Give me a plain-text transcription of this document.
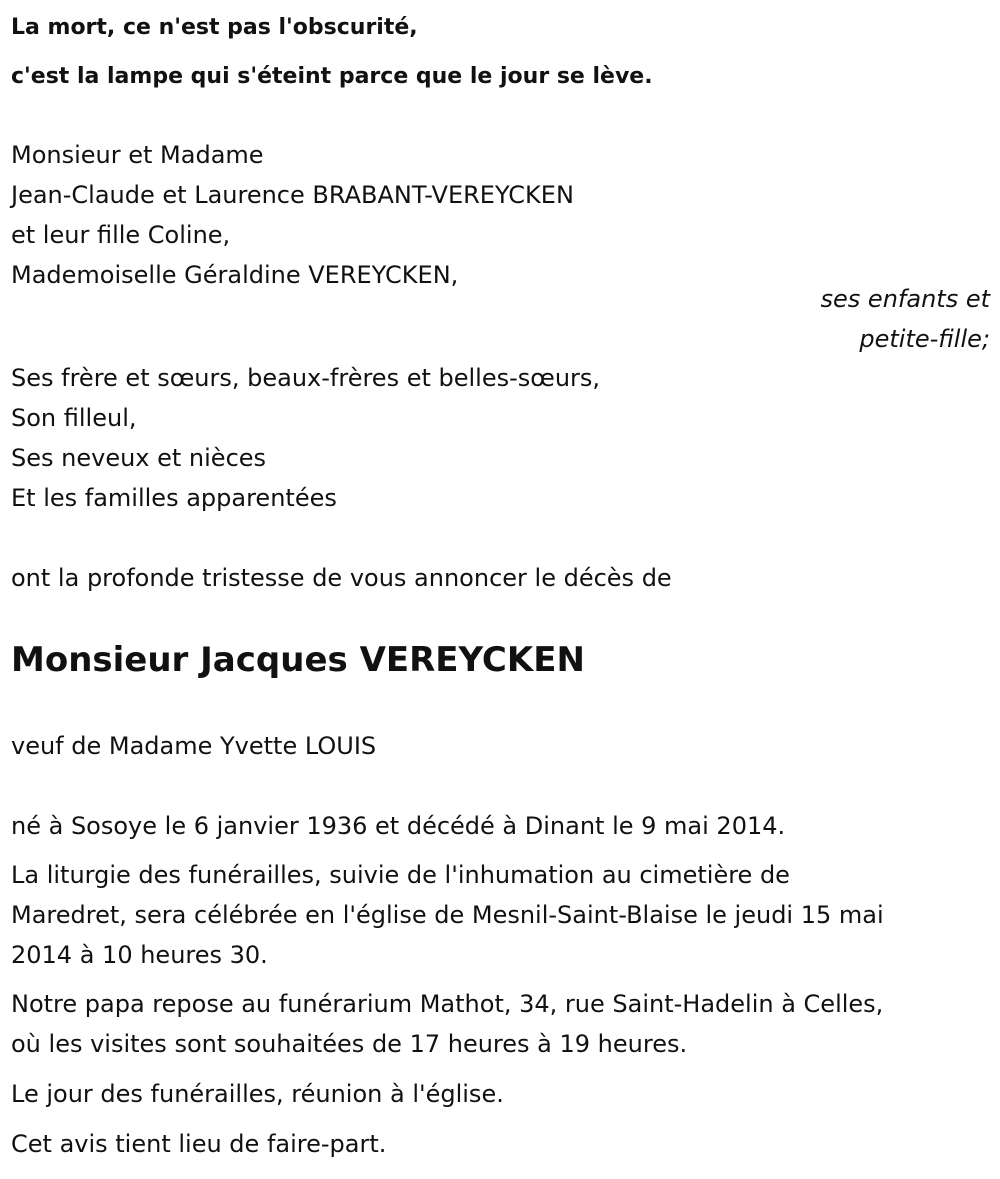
La mort, ce n'est pas l'obscurité,

c'est la lampe qui s'éteint parce que le jour se lève.

Monsieur et Madame

Jean-Claude et Laurence BRABANT-VEREYCKEN

et leur fille Coline,

Mademoiselle Géraldine VEREYCKEN,

ses enfants et

petite-fille;

Ses frère et sœurs, beaux-frères et belles-sœurs,

Son filleul,

Ses neveux et nièces

Et les familles apparentées

ont la profonde tristesse de vous annoncer le décès de

Monsieur Jacques VEREYCKEN

veuf de Madame Yvette LOUIS

né à Sosoye le 6 janvier 1936 et décédé à Dinant le 9 mai 2014.

La liturgie des funérailles, suivie de l'inhumation au cimetière de

Maredret, sera célébrée en l'église de Mesnil-Saint-Blaise le jeudi 15 mai

2014 à 10 heures 30.

Notre papa repose au funérarium Mathot, 34, rue Saint-Hadelin à Celles,

où les visites sont souhaitées de 17 heures à 19 heures.

Le jour des funérailles, réunion à l'église.

Cet avis tient lieu de faire-part.
